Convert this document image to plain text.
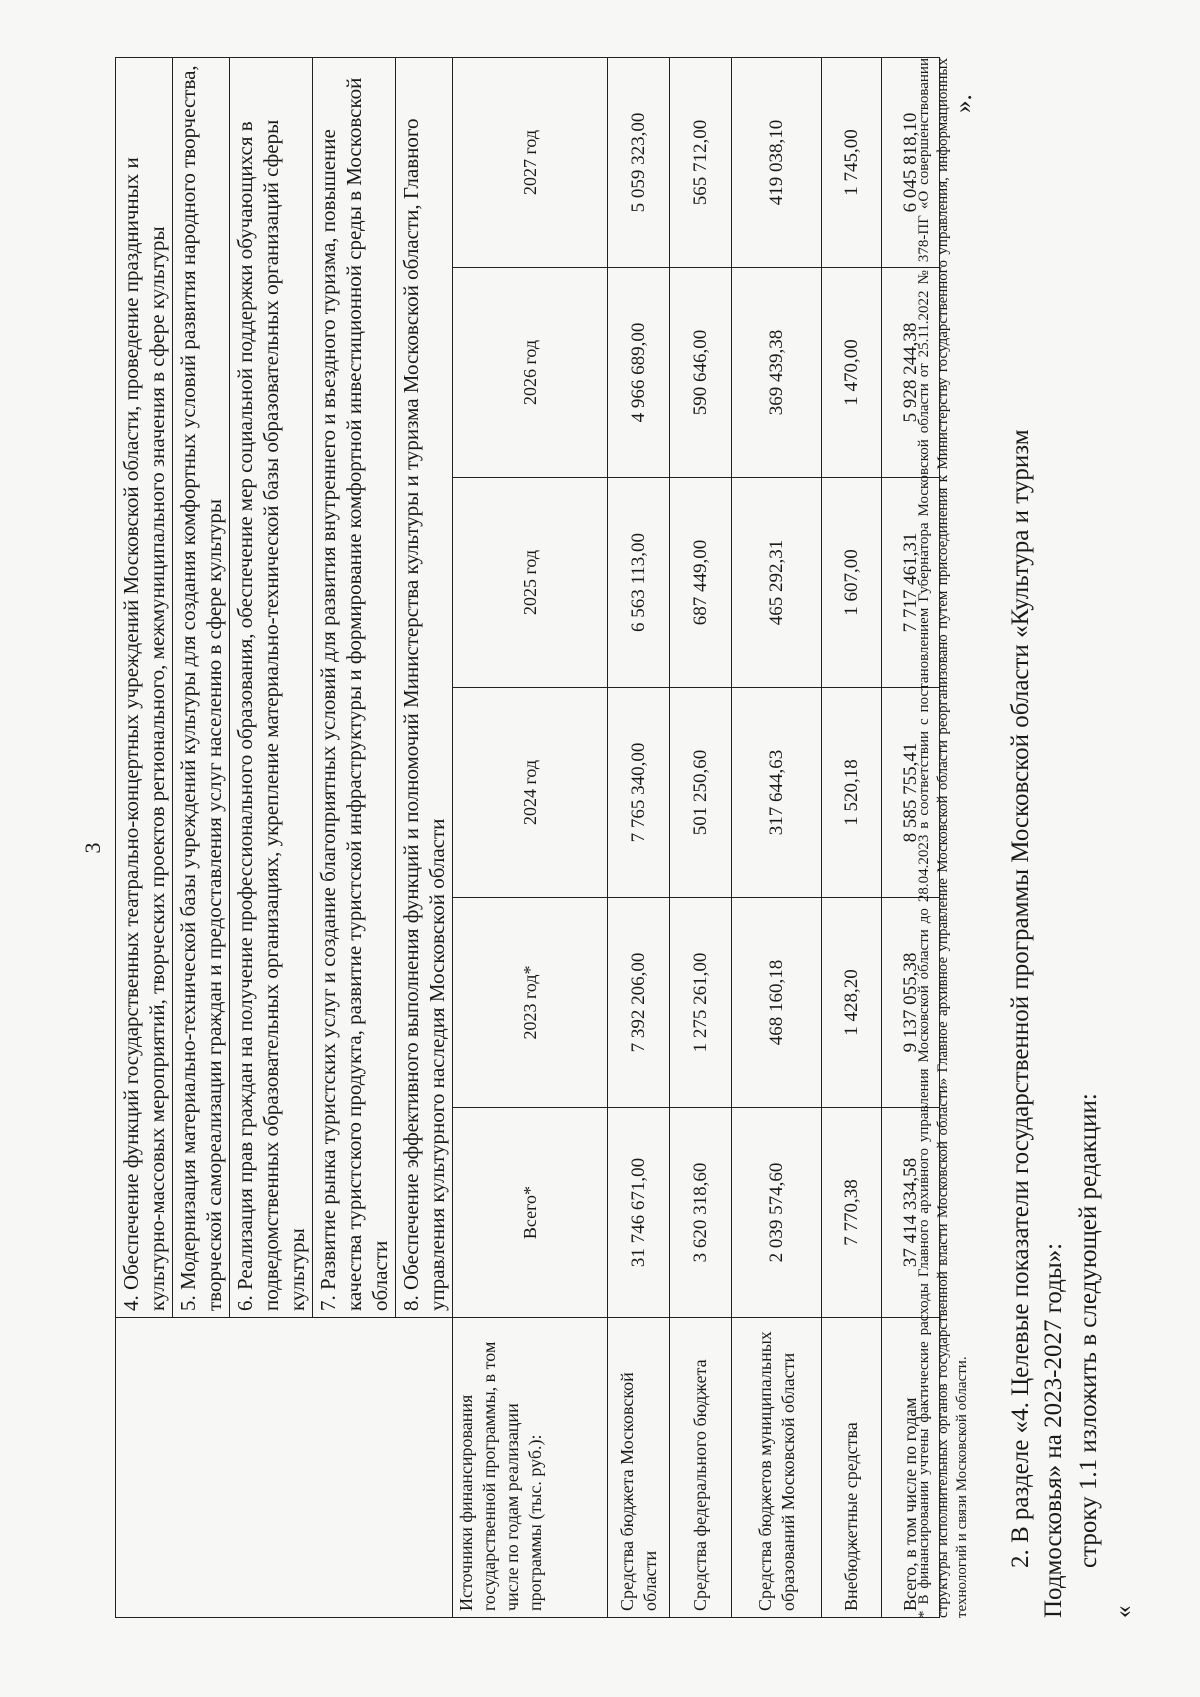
3
	4. Обеспечение функций государственных театрально-концертных учреждений Московской области, проведение праздничных и культурно-массовых мероприятий, творческих проектов регионального, межмуниципального значения в сфере культуры					
	5. Модернизация материально-технической базы учреждений культуры для создания комфортных условий развития народного творчества, творческой самореализации граждан и предоставления услуг населению в сфере культуры					
	6. Реализация прав граждан на получение профессионального образования, обеспечение мер социальной поддержки обучающихся в подведомственных образовательных организациях, укрепление материально-технической базы образовательных организаций сферы культуры					
	7. Развитие рынка туристских услуг и создание благоприятных условий для развития внутреннего и въездного туризма, повышение качества туристского продукта, развитие туристской инфраструктуры и формирование комфортной инвестиционной среды в Московской области					
	8. Обеспечение эффективного выполнения функций и полномочий Министерства культуры и туризма Московской области, Главного управления культурного наследия Московской области					
Источники финансирования государственной программы, в том числе по годам реализации программы (тыс. руб.):	Всего*	2023 год*	2024 год	2025 год	2026 год	2027 год
Средства бюджета Московской области	31 746 671,00	7 392 206,00	7 765 340,00	6 563 113,00	4 966 689,00	5 059 323,00
Средства федерального бюджета	3 620 318,60	1 275 261,00	501 250,60	687 449,00	590 646,00	565 712,00
Средства бюджетов муниципальных образований Московской области	2 039 574,60	468 160,18	317 644,63	465 292,31	369 439,38	419 038,10
Внебюджетные средства	7 770,38	1 428,20	1 520,18	1 607,00	1 470,00	1 745,00
Всего, в том числе по годам	37 414 334,58	9 137 055,38	8 585 755,41	7 717 461,31	5 928 244,38	6 045 818,10
* В финансировании учтены фактические расходы Главного архивного управления Московской области до 28.04.2023 в соответствии с постановлением Губернатора Московской области от 25.11.2022 № 378-ПГ «О совершенствовании структуры исполнительных органов государственной власти Московской области» Главное архивное управление Московской области реорганизовано путем присоединения к Министерству государственного управления, информационных технологий и связи Московской области.
».
2. В разделе «4. Целевые показатели государственной программы Московской области «Культура и туризм Подмосковья» на 2023-2027 годы»: строку 1.1 изложить в следующей редакции:
«
